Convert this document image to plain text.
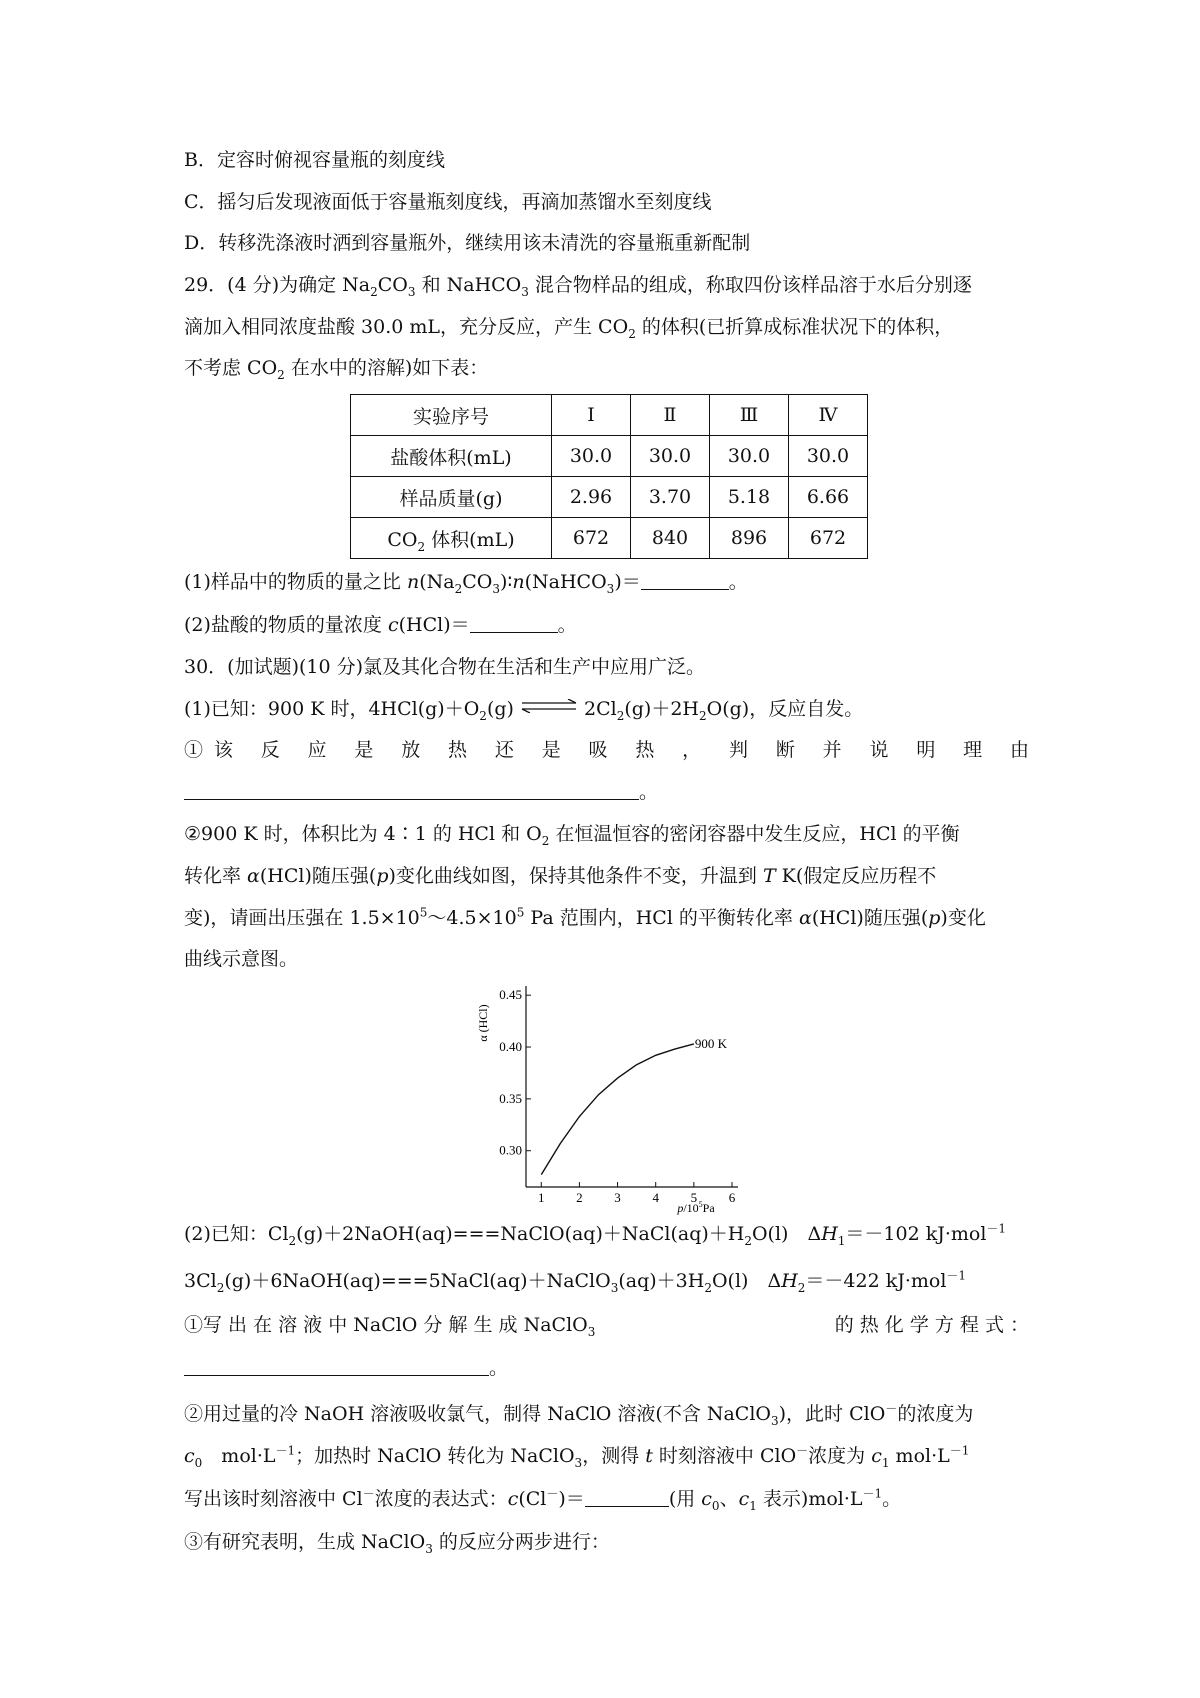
B．定容时俯视容量瓶的刻度线

C．摇匀后发现液面低于容量瓶刻度线，再滴加蒸馏水至刻度线

D．转移洗涤液时洒到容量瓶外，继续用该未清洗的容量瓶重新配制

29．(4 分)为确定 $Na_2CO_3$ 和 NaHCO$_3$ 混合物样品的组成，称取四份该样品溶于水后分别逐

滴加入相同浓度盐酸 30.0 mL，充分反应，产生 $CO_2$ 的体积(已折算成标准状况下的体积，

不考虑 $CO_2$ 在水中的溶解)如下表：

实验序号	Ⅰ	Ⅱ	Ⅲ	Ⅳ
盐酸体积(mL)	30.0	30.0	30.0	30.0
样品质量(g)	2.96	3.70	5.18	6.66
$CO_2$ 体积(mL)	672	840	896	672

(1)样品中的物质的量之比 $n(Na_2CO_3)∶n(NaHCO_3)=$	。

(2)盐酸的物质的量浓度 c(HCl)＝	。

30．(加试题)(10 分)氯及其化合物在生活和生产中应用广泛。

(1)已知：900 K 时，$4HCl(g)+O_2(g)$ ⇌ $2Cl_2(g)+2H_2O(g)$，反应自发。

①该 反 应 是 放 热 还 是 吸 热 ， 判 断 并 说 明 理 由

。

②900 K 时，体积比为 4∶1 的 HCl 和 $O_2$ 在恒温恒容的密闭容器中发生反应，HCl 的平衡

转化率 α(HCl)随压强(p)变化曲线如图，保持其他条件不变，升温到 T K(假定反应历程不

变)，请画出压强在 $1.5\times 10^5\sim 4.5\times 10^5$ Pa 范围内，HCl 的平衡转化率 α(HCl)随压强(p)变化

曲线示意图。

1 2 3 4 5 6
0.30
0.35
0.40
0.45
900 K
α (HCl)
$p/10^5Pa$

(2)已知：$Cl_2(g)+2NaOH(aq)===NaClO(aq)+NaCl(aq)+H_2O(l)$　$\Delta H_1=-102$ kJ·mol$^{-1}$

$3Cl_2(g)+6NaOH(aq)===5NaCl(aq)+NaClO_3(aq)+3H_2O(l)$　$\Delta H_2=-422$ kJ·mol$^{-1}$

①写 出 在 溶 液 中 NaClO 分 解 生 成 NaClO$_3$	的 热 化 学 方 程 式 ：

。

②用过量的冷 NaOH 溶液吸收氯气，制得 NaClO 溶液(不含 NaClO$_3$)，此时 ClO－的浓度为

$c_0$　$mol\cdot L^{-1}$；加热时 NaClO 转化为 NaClO$_3$，测得 t 时刻溶液中 ClO－浓度为 $c_1$ $mol\cdot L^{-1}$

写出该时刻溶液中 Cl－浓度的表达式：c(Cl－)＝	(用 $c_0$、$c_1$ 表示)$mol\cdot L^{-1}$。

③有研究表明，生成 NaClO$_3$ 的反应分两步进行：
